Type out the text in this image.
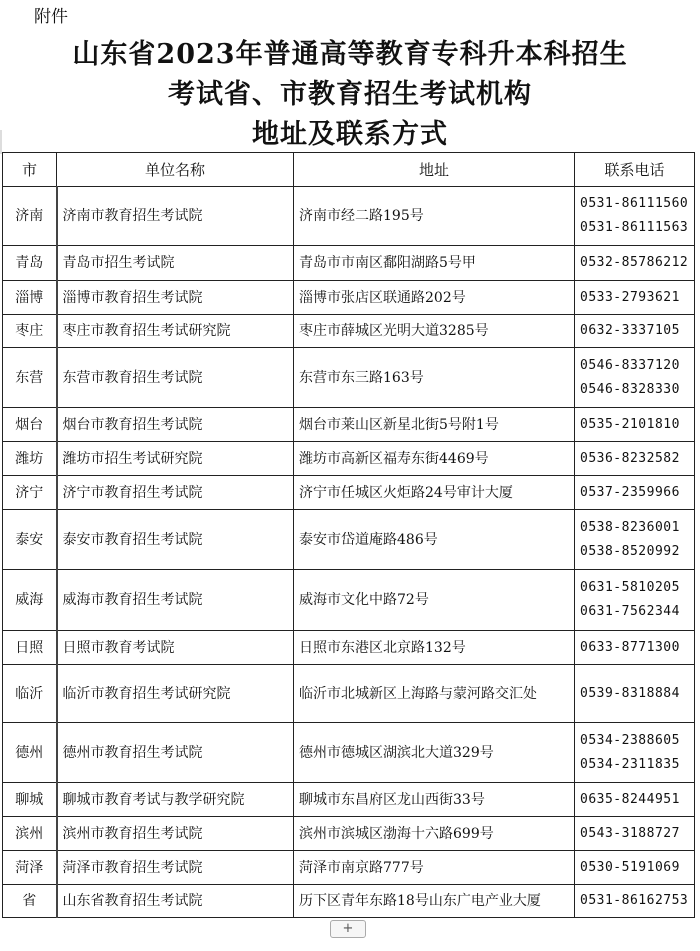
附件
山东省2023年普通高等教育专科升本科招生
考试省、市教育招生考试机构
地址及联系方式
市	单位名称	地址	联系电话
济南	济南市教育招生考试院	济南市经二路195号	0531-86111560
0531-86111563

青岛	青岛市招生考试院	青岛市市南区鄱阳湖路5号甲	0532-85786212

淄博	淄博市教育招生考试院	淄博市张店区联通路202号	0533-2793621

枣庄	枣庄市教育招生考试研究院	枣庄市薛城区光明大道3285号	0632-3337105

东营	东营市教育招生考试院	东营市东三路163号	0546-8337120
0546-8328330

烟台	烟台市教育招生考试院	烟台市莱山区新星北街5号附1号	0535-2101810

潍坊	潍坊市招生考试研究院	潍坊市高新区福寿东街4469号	0536-8232582

济宁	济宁市教育招生考试院	济宁市任城区火炬路24号审计大厦	0537-2359966

泰安	泰安市教育招生考试院	泰安市岱道庵路486号	0538-8236001
0538-8520992

威海	威海市教育招生考试院	威海市文化中路72号	0631-5810205
0631-7562344

日照	日照市教育考试院	日照市东港区北京路132号	0633-8771300

临沂	临沂市教育招生考试研究院	临沂市北城新区上海路与蒙河路交汇处	0539-8318884

德州	德州市教育招生考试院	德州市德城区湖滨北大道329号	0534-2388605
0534-2311835

聊城	聊城市教育考试与教学研究院	聊城市东昌府区龙山西街33号	0635-8244951

滨州	滨州市教育招生考试院	滨州市滨城区渤海十六路699号	0543-3188727

菏泽	菏泽市教育招生考试院	菏泽市南京路777号	0530-5191069

省	山东省教育招生考试院	历下区青年东路18号山东广电产业大厦	0531-86162753
+
